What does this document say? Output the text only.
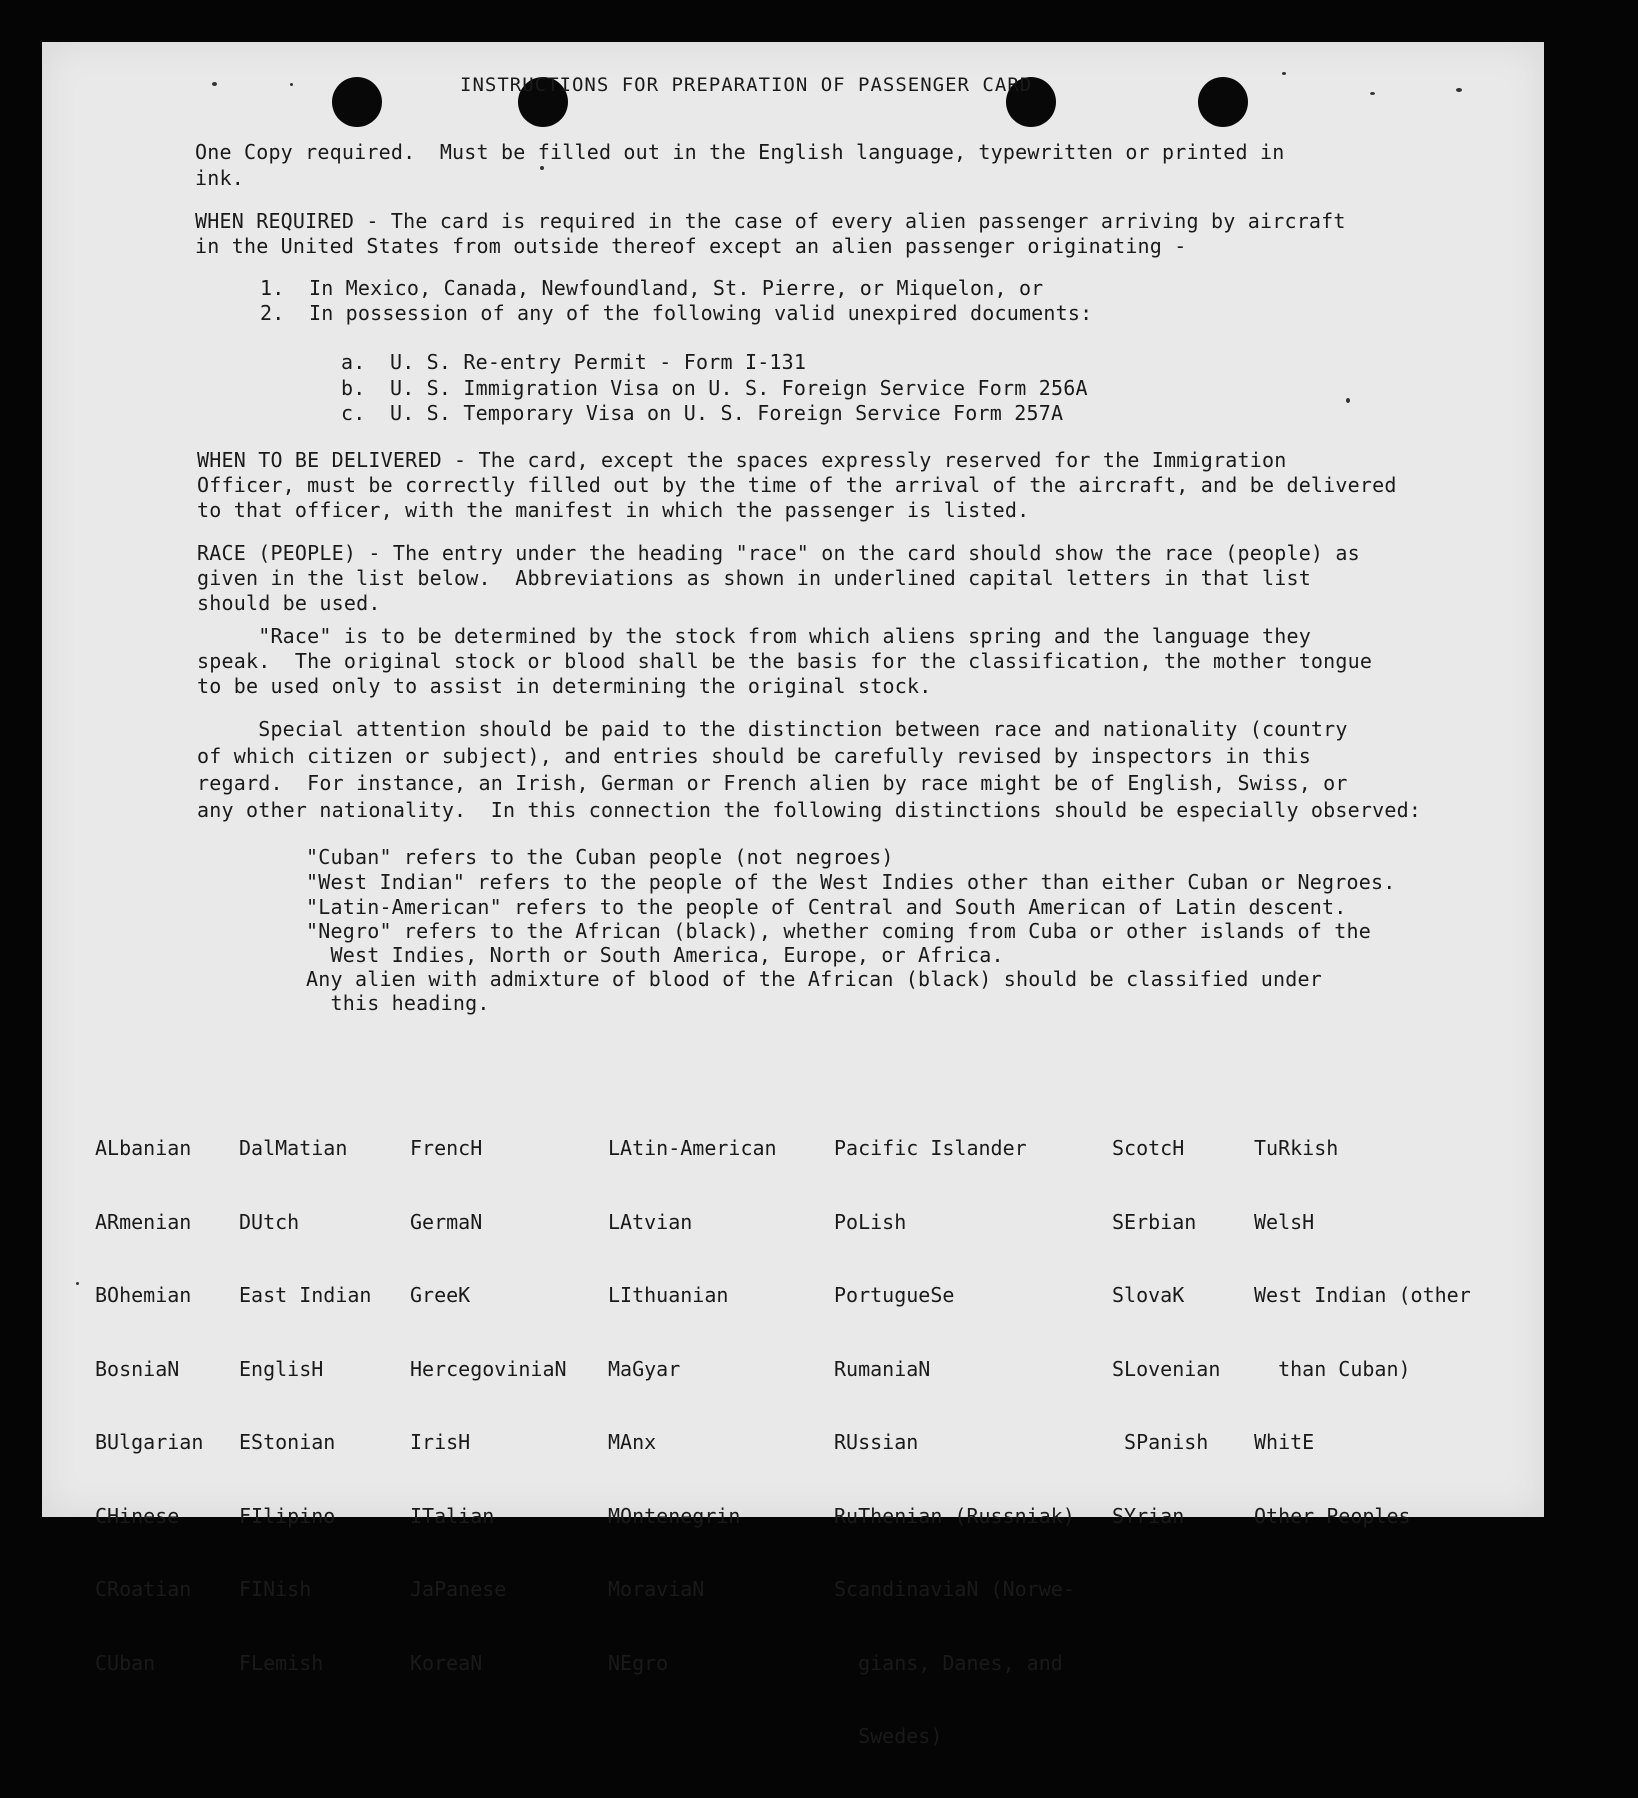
INSTRUCTIONS FOR PREPARATION OF PASSENGER CARD
One Copy required.  Must be filled out in the English language, typewritten or printed in
ink.
WHEN REQUIRED - The card is required in the case of every alien passenger arriving by aircraft
in the United States from outside thereof except an alien passenger originating -
1.  In Mexico, Canada, Newfoundland, St. Pierre, or Miquelon, or
2.  In possession of any of the following valid unexpired documents:
a.  U. S. Re-entry Permit - Form I-131
b.  U. S. Immigration Visa on U. S. Foreign Service Form 256A
c.  U. S. Temporary Visa on U. S. Foreign Service Form 257A
WHEN TO BE DELIVERED - The card, except the spaces expressly reserved for the Immigration
Officer, must be correctly filled out by the time of the arrival of the aircraft, and be delivered
to that officer, with the manifest in which the passenger is listed.
RACE (PEOPLE) - The entry under the heading "race" on the card should show the race (people) as
given in the list below.  Abbreviations as shown in underlined capital letters in that list
should be used.
"Race" is to be determined by the stock from which aliens spring and the language they
speak.  The original stock or blood shall be the basis for the classification, the mother tongue
to be used only to assist in determining the original stock.
Special attention should be paid to the distinction between race and nationality (country
of which citizen or subject), and entries should be carefully revised by inspectors in this
regard.  For instance, an Irish, German or French alien by race might be of English, Swiss, or
any other nationality.  In this connection the following distinctions should be especially observed:
"Cuban" refers to the Cuban people (not negroes)
"West Indian" refers to the people of the West Indies other than either Cuban or Negroes.
"Latin-American" refers to the people of Central and South American of Latin descent.
"Negro" refers to the African (black), whether coming from Cuba or other islands of the
West Indies, North or South America, Europe, or Africa.
Any alien with admixture of blood of the African (black) should be classified under
this heading.

ALbanian

ARmenian

BOhemian

BosniaN

BUlgarian

CHinese

CRoatian

CUban

DalMatian

DUtch

East Indian

EnglisH

EStonian

FIlipino

FINish

FLemish

FrencH

GermaN

GreeK

HercegoviniaN

IrisH

ITalian

JaPanese

KoreaN

LAtin-American

LAtvian

LIthuanian

MaGyar

MAnx

MOntenegrin

MoraviaN

NEgro

Pacific Islander

PoLish

PortugueSe

RumaniaN

RUssian

RuThenian (Russniak)

ScandinaviaN (Norwe-

gians, Danes, and

Swedes)

ScotcH

SErbian

SlovaK

SLovenian

SPanish

SYrian

TuRkish

WelsH

West Indian (other

than Cuban)

WhitE

Other Peoples
